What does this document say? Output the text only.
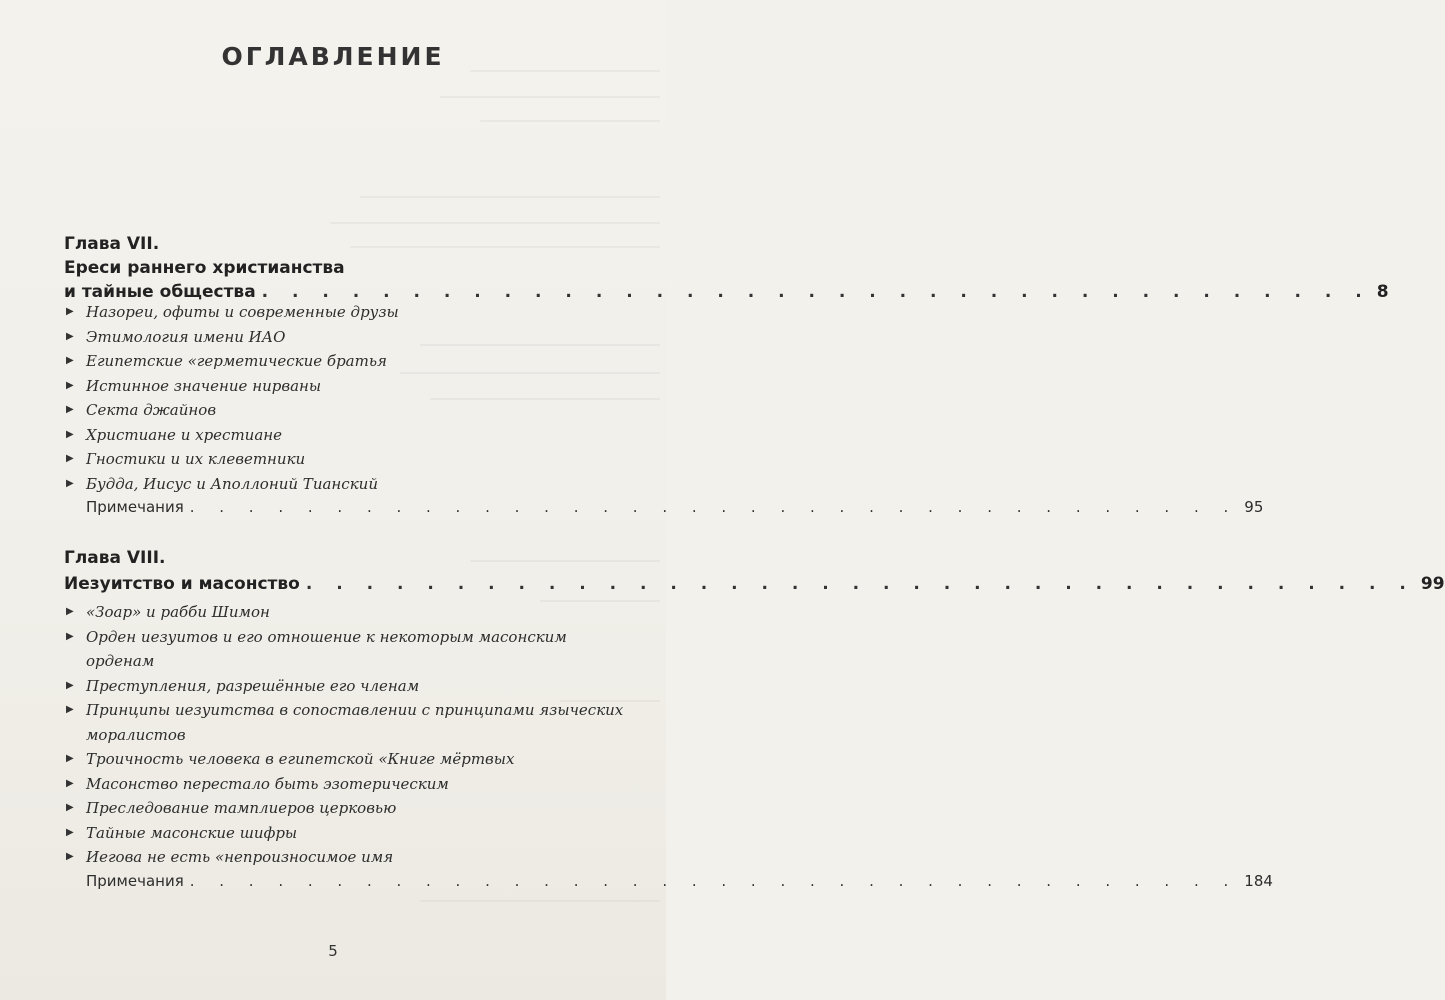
ОГЛАВЛЕНИЕ
Глава VII.
Ереси раннего христианства
и тайные общества . . . . . . . . . . . . . . . . . . . . . . . . . . . . . . . . . . . . . 8
▶ Назореи, офиты и современные друзы
▶ Этимология имени ИАО
▶ Египетские «герметические братья
▶ Истинное значение нирваны
▶ Секта джайнов
▶ Христиане и хрестиане
▶ Гностики и их клеветники
▶ Будда, Иисус и Аполлоний Тианский
Примечания . . . . . . . . . . . . . . . . . . . . . . . . . . . . . . . . . . . . 95
Глава VIII.
Иезуитство и масонство . . . . . . . . . . . . . . . . . . . . . . . . . . . . . . . . . . . . . 99
▶ «Зоар» и рабби Шимон
▶ Орден иезуитов и его отношение к некоторым масонским орденам
▶ Преступления, разрешённые его членам
▶ Принципы иезуитства в сопоставлении с принципами языческих моралистов
▶ Троичность человека в египетской «Книге мёртвых
▶ Масонство перестало быть эзотерическим
▶ Преследование тамплиеров церковью
▶ Тайные масонские шифры
▶ Иегова не есть «непроизносимое имя
Примечания . . . . . . . . . . . . . . . . . . . . . . . . . . . . . . . . . . . . 184
5
